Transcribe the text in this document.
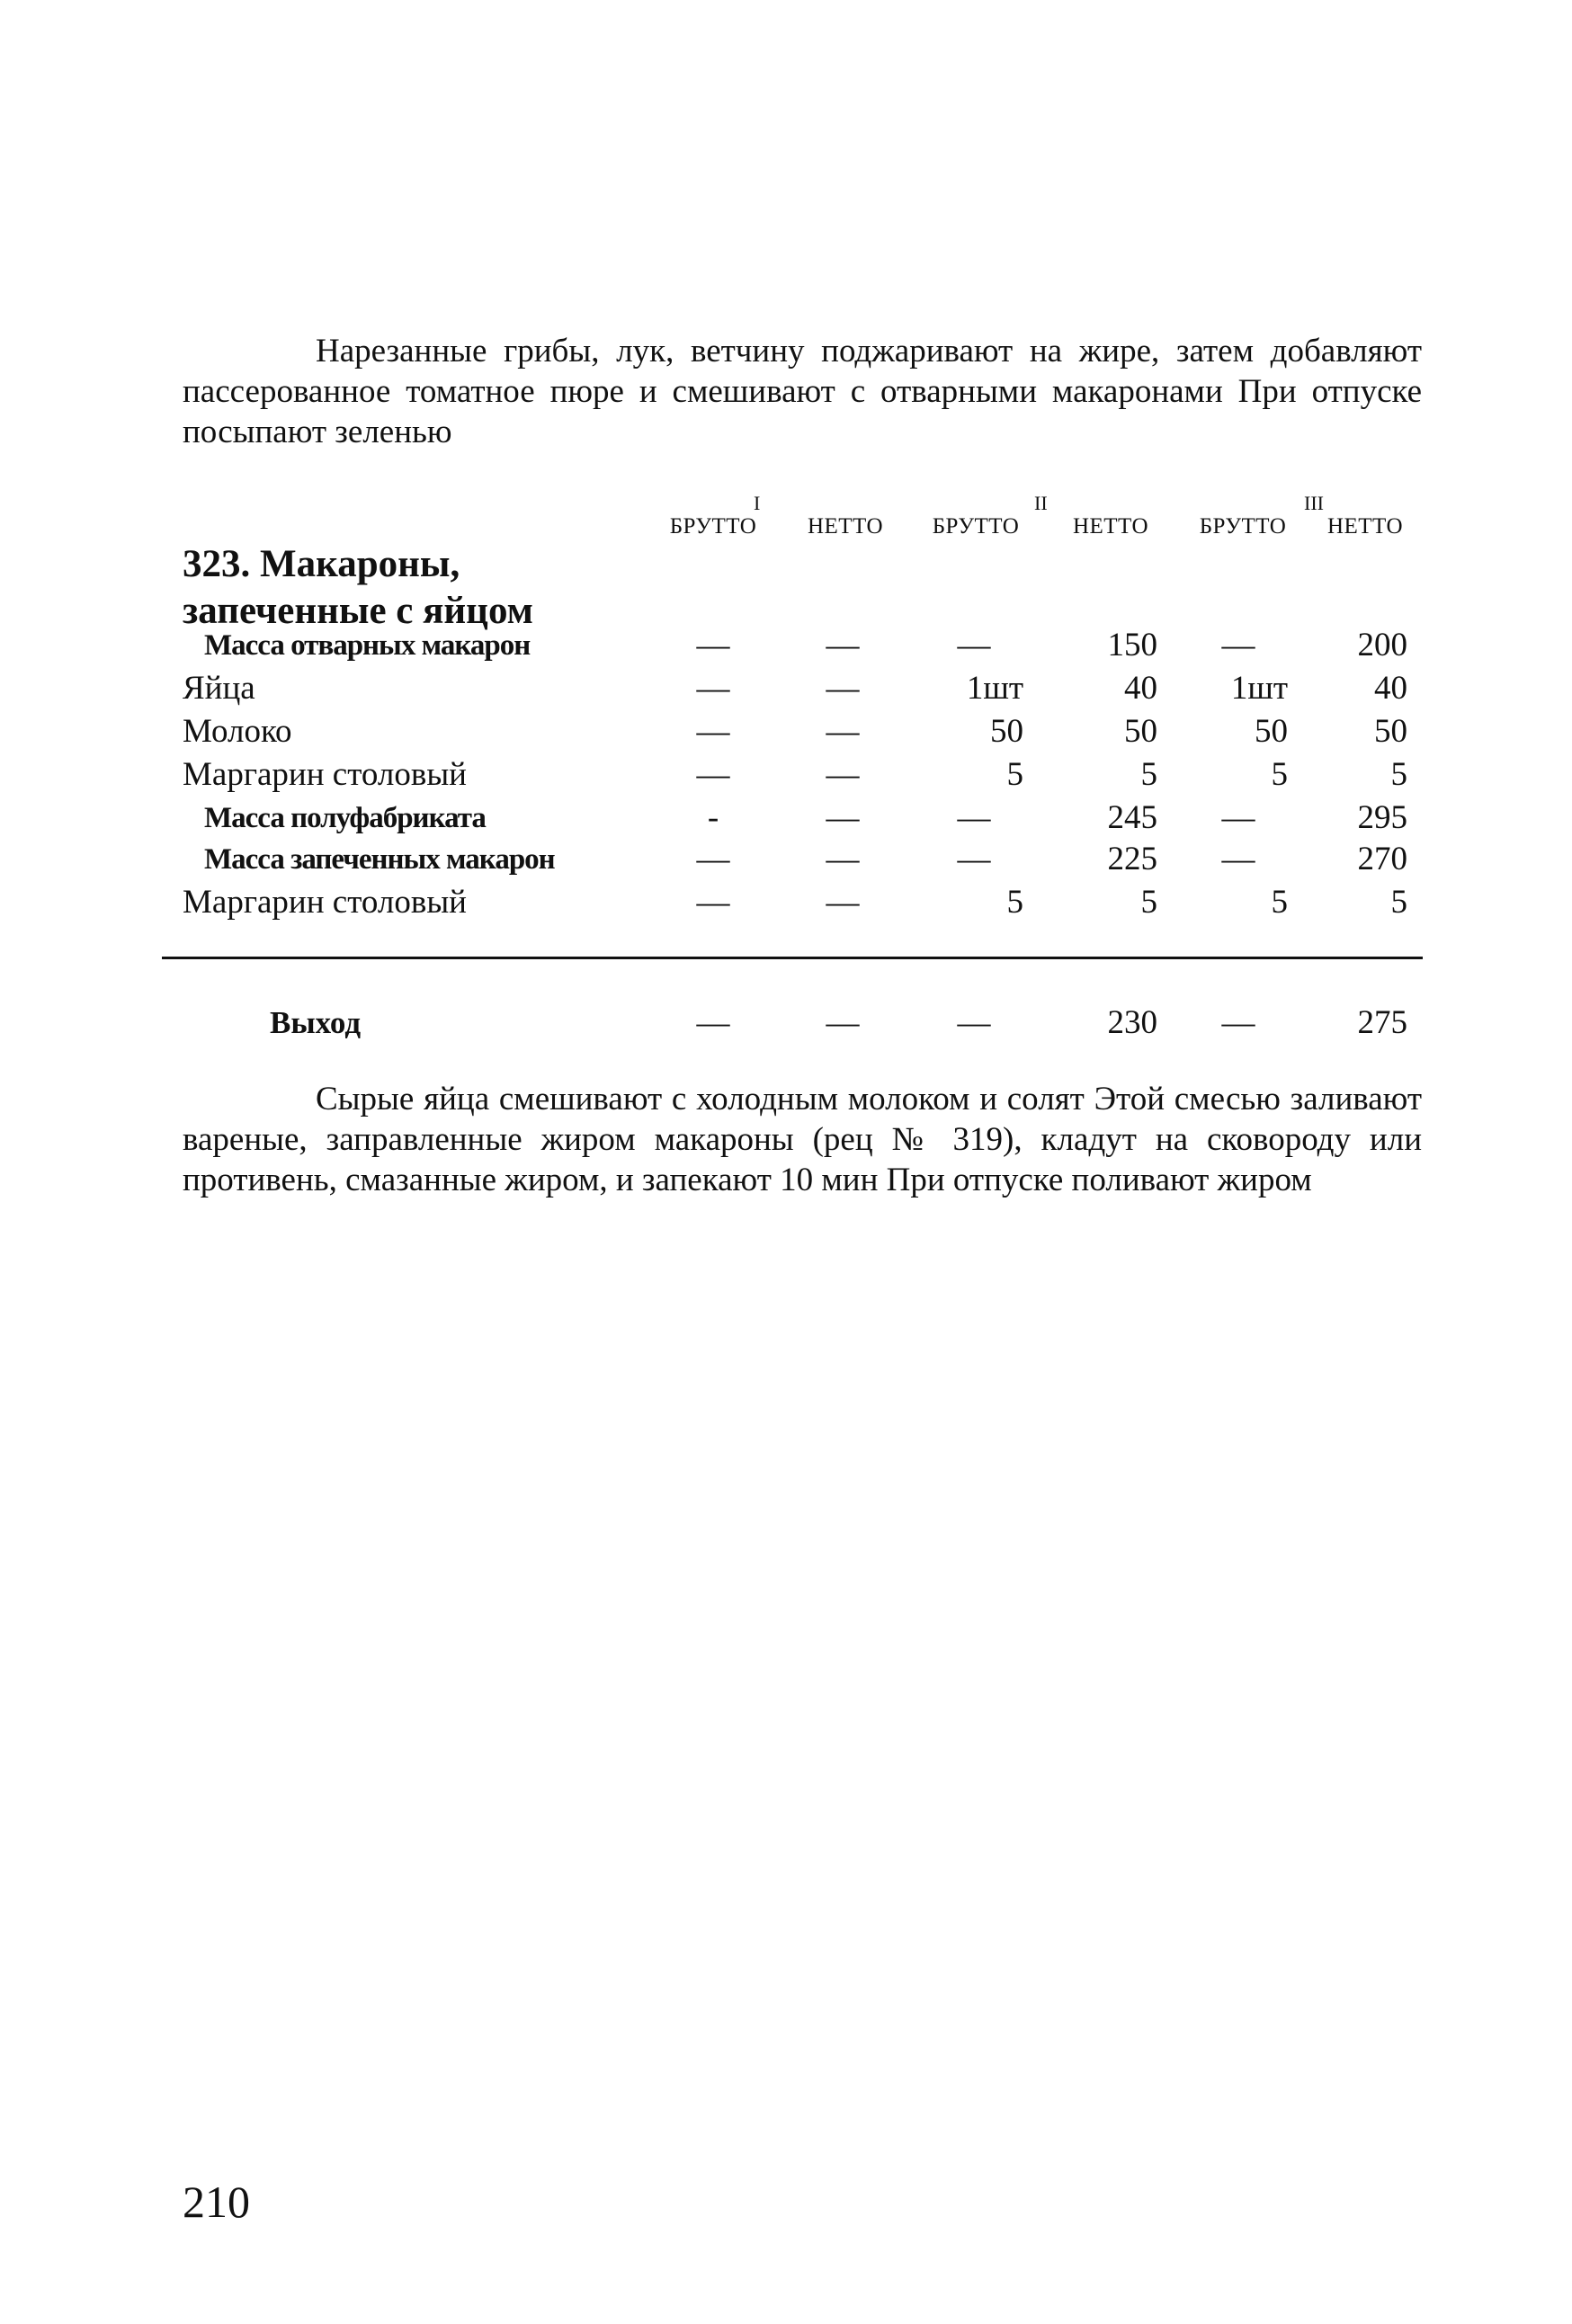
Нарезанные грибы, лук, ветчину поджаривают на жире, затем добавляют пассерованное томатное пюре и смешивают с отварными макаронами При отпуске посыпают зеленью
I	II	III
БРУТТО	НЕТТО	БРУТТО	НЕТТО	БРУТТО	НЕТТО
323. Макароны, запеченные с яйцом
Масса отварных макарон	—	—	—	150	—	200
Яйца	—	—	1шт	40	1шт	40
Молоко	—	—	50	50	50	50
Маргарин столовый	—	—	5	5	5	5
Масса полуфабриката	-	—	—	245	—	295
Масса запеченных макарон	—	—	—	225	—	270
Маргарин столовый	—	—	5	5	5	5
Выход	—	—	—	230	—	275
Сырые яйца смешивают с холодным молоком и солят Этой смесью заливают вареные, заправленные жиром макароны (рец № 319), кладут на сковороду или противень, смазанные жиром, и запекают 10 мин При отпуске поливают жиром
210
